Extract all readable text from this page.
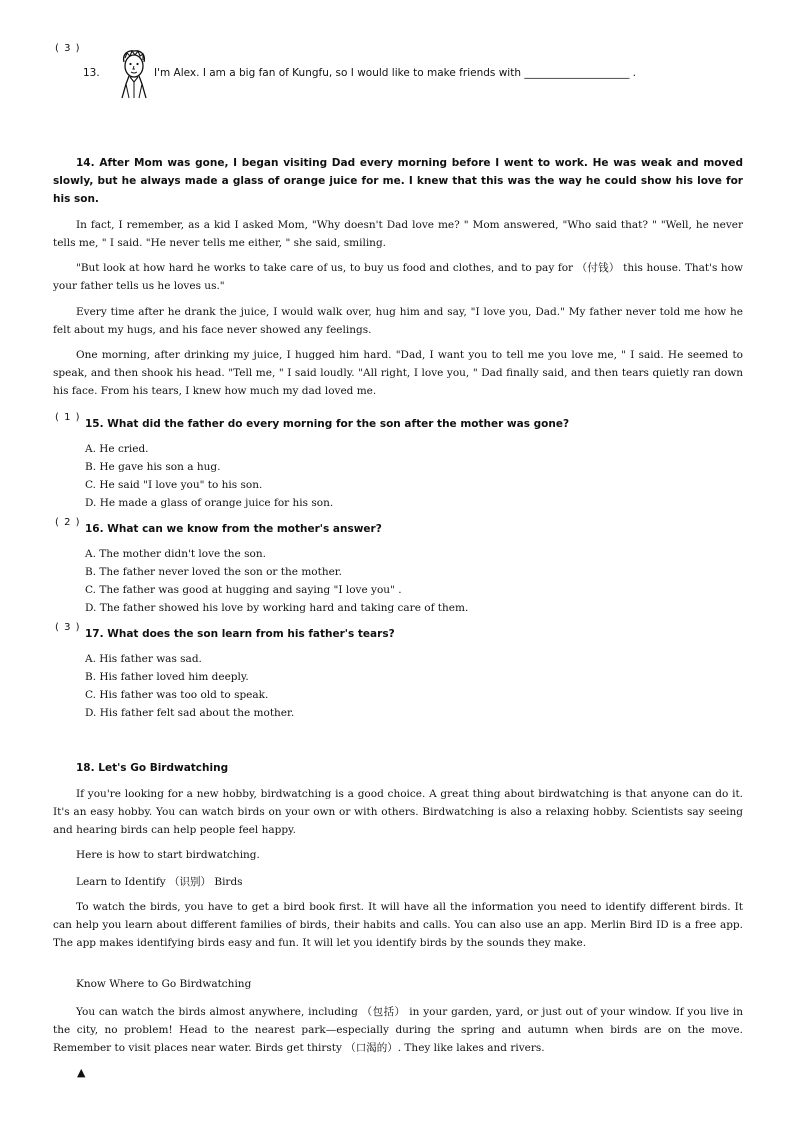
( 3 )
13.	I'm Alex. I am a big fan of Kungfu, so I would like to make friends with ____________________ .
14. After Mom was gone, I began visiting Dad every morning before I went to work. He was weak and moved slowly, but he always made a glass of orange juice for me. I knew that this was the way he could show his love for his son.
In fact, I remember, as a kid I asked Mom, "Why doesn't Dad love me? " Mom answered, "Who said that? " "Well, he never tells me, " I said. "He never tells me either, " she said, smiling.
"But look at how hard he works to take care of us, to buy us food and clothes, and to pay for （付钱） this house. That's how your father tells us he loves us."
Every time after he drank the juice, I would walk over, hug him and say, "I love you, Dad." My father never told me how he felt about my hugs, and his face never showed any feelings.
One morning, after drinking my juice, I hugged him hard. "Dad, I want you to tell me you love me, " I said. He seemed to speak, and then shook his head. "Tell me, " I said loudly. "All right, I love you, " Dad finally said, and then tears quietly ran down his face. From his tears, I knew how much my dad loved me.
( 1 )
15. What did the father do every morning for the son after the mother was gone?
A. He cried.
B. He gave his son a hug.
C. He said "I love you" to his son.
D. He made a glass of orange juice for his son.
( 2 )
16. What can we know from the mother's answer?
A. The mother didn't love the son.
B. The father never loved the son or the mother.
C. The father was good at hugging and saying "I love you" .
D. The father showed his love by working hard and taking care of them.
( 3 )
17. What does the son learn from his father's tears?
A. His father was sad.
B. His father loved him deeply.
C. His father was too old to speak.
D. His father felt sad about the mother.
18. Let's Go Birdwatching
If you're looking for a new hobby, birdwatching is a good choice. A great thing about birdwatching is that anyone can do it. It's an easy hobby. You can watch birds on your own or with others. Birdwatching is also a relaxing hobby. Scientists say seeing and hearing birds can help people feel happy.
Here is how to start birdwatching.
Learn to Identify （识别） Birds
To watch the birds, you have to get a bird book first. It will have all the information you need to identify different birds. It can help you learn about different families of birds, their habits and calls. You can also use an app. Merlin Bird ID is a free app. The app makes identifying birds easy and fun. It will let you identify birds by the sounds they make.
Know Where to Go Birdwatching
You can watch the birds almost anywhere, including （包括） in your garden, yard, or just out of your window. If you live in the city, no problem! Head to the nearest park—especially during the spring and autumn when birds are on the move. Remember to visit places near water. Birds get thirsty （口渴的）. They like lakes and rivers.
▲
